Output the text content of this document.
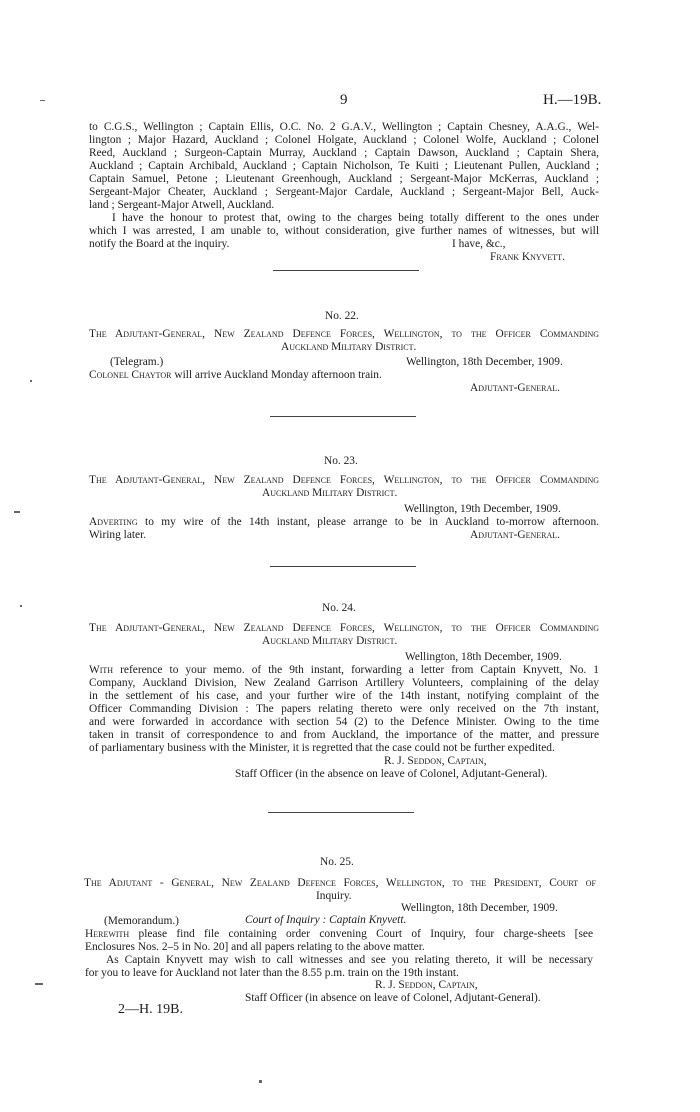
9	H.—19B.
to C.G.S., Wellington ; Captain Ellis, O.C. No. 2 G.A.V., Wellington ; Captain Chesney, A.A.G., Wel-
lington ; Major Hazard, Auckland ; Colonel Holgate, Auckland ; Colonel Wolfe, Auckland ; Colonel
Reed, Auckland ; Surgeon-Captain Murray, Auckland ; Captain Dawson, Auckland ; Captain Shera,
Auckland ; Captain Archibald, Auckland ; Captain Nicholson, Te Kuiti ; Lieutenant Pullen, Auckland ;
Captain Samuel, Petone ; Lieutenant Greenhough, Auckland ; Sergeant-Major McKerras, Auckland ;
Sergeant-Major Cheater, Auckland ; Sergeant-Major Cardale, Auckland ; Sergeant-Major Bell, Auck-
land ; Sergeant-Major Atwell, Auckland.
I have the honour to protest that, owing to the charges being totally different to the ones under
which I was arrested, I am unable to, without consideration, give further names of witnesses, but will
notify the Board at the inquiry.	I have, &c.,
Frank Knyvett.
No. 22.
The Adjutant-General, New Zealand Defence Forces, Wellington, to the Officer Commanding
Auckland Military District.
(Telegram.)	Wellington, 18th December, 1909.
Colonel Chaytor will arrive Auckland Monday afternoon train.
Adjutant-General.
No. 23.
The Adjutant-General, New Zealand Defence Forces, Wellington, to the Officer Commanding
Auckland Military District.
Wellington, 19th December, 1909.
Adverting to my wire of the 14th instant, please arrange to be in Auckland to-morrow afternoon.
Wiring later.	Adjutant-General.
No. 24.
The Adjutant-General, New Zealand Defence Forces, Wellington, to the Officer Commanding
Auckland Military District.
Wellington, 18th December, 1909.
With reference to your memo. of the 9th instant, forwarding a letter from Captain Knyvett, No. 1
Company, Auckland Division, New Zealand Garrison Artillery Volunteers, complaining of the delay
in the settlement of his case, and your further wire of the 14th instant, notifying complaint of the
Officer Commanding Division : The papers relating thereto were only received on the 7th instant,
and were forwarded in accordance with section 54 (2) to the Defence Minister. Owing to the time
taken in transit of correspondence to and from Auckland, the importance of the matter, and pressure
of parliamentary business with the Minister, it is regretted that the case could not be further expedited.
R. J. Seddon, Captain,
Staff Officer (in the absence on leave of Colonel, Adjutant-General).
No. 25.
The Adjutant - General, New Zealand Defence Forces, Wellington, to the President, Court of
Inquiry.
Wellington, 18th December, 1909.
(Memorandum.)	Court of Inquiry : Captain Knyvett.
Herewith please find file containing order convening Court of Inquiry, four charge-sheets [see
Enclosures Nos. 2–5 in No. 20] and all papers relating to the above matter.
As Captain Knyvett may wish to call witnesses and see you relating thereto, it will be necessary
for you to leave for Auckland not later than the 8.55 p.m. train on the 19th instant.
R. J. Seddon, Captain,
Staff Officer (in absence on leave of Colonel, Adjutant-General).
2—H. 19B.
